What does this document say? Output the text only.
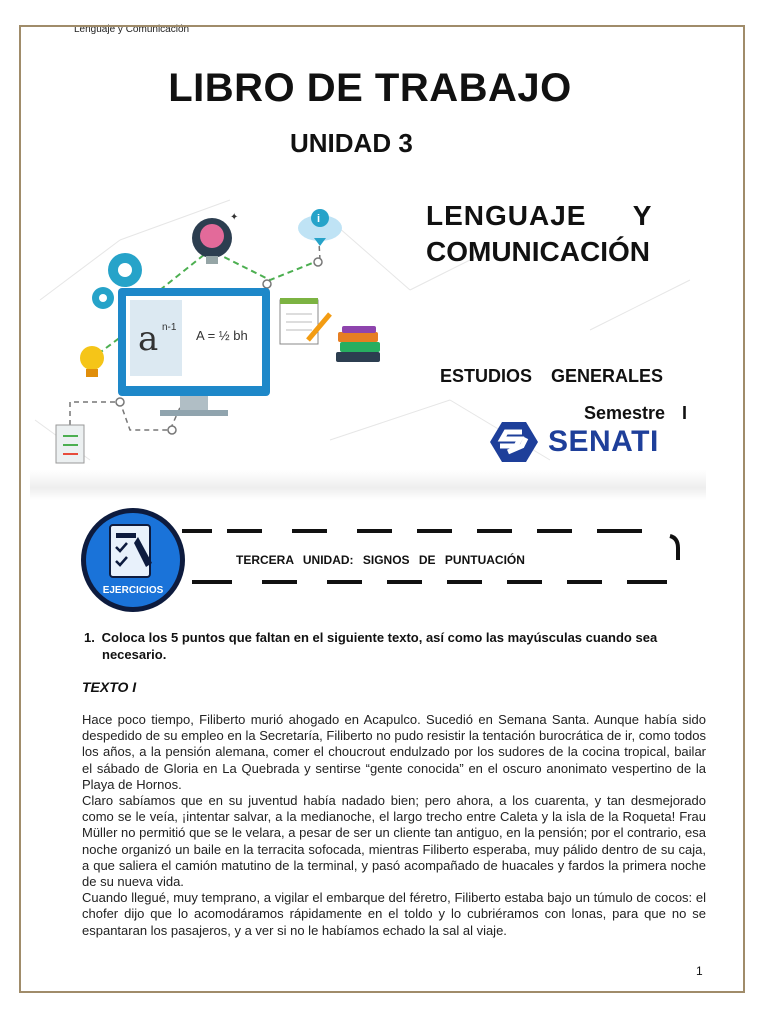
Lenguaje y Comunicación
LIBRO DE TRABAJO
UNIDAD 3
✦	i
a n-1
A = ½ bh
LENGUAJE Y
COMUNICACIÓN
ESTUDIOS GENERALES
Semestre I
SENATI
TERCERA UNIDAD: SIGNOS DE PUNTUACIÓN
EJERCICIOS
1. Coloca los 5 puntos que faltan en el siguiente texto, así como las mayúsculas cuando sea
necesario.
TEXTO I

Hace poco tiempo, Filiberto murió ahogado en Acapulco. Sucedió en Semana Santa. Aunque había sido despedido de su empleo en la Secretaría, Filiberto no pudo resistir la tentación burocrática de ir, como todos los años, a la pensión alemana, comer el choucrout endulzado por los sudores de la cocina tropical, bailar el sábado de Gloria en La Quebrada y sentirse “gente conocida” en el oscuro anonimato vespertino de la Playa de Hornos.

Claro sabíamos que en su juventud había nadado bien; pero ahora, a los cuarenta, y tan desmejorado como se le veía, ¡intentar salvar, a la medianoche, el largo trecho entre Caleta y la isla de la Roqueta! Frau Müller no permitió que se le velara, a pesar de ser un cliente tan antiguo, en la pensión; por el contrario, esa noche organizó un baile en la terracita sofocada, mientras Filiberto esperaba, muy pálido dentro de su caja, a que saliera el camión matutino de la terminal, y pasó acompañado de huacales y fardos la primera noche de su nueva vida.

Cuando llegué, muy temprano, a vigilar el embarque del féretro, Filiberto estaba bajo un túmulo de cocos: el chofer dijo que lo acomodáramos rápidamente en el toldo y lo cubriéramos con lonas, para que no se espantaran los pasajeros, y a ver si no le habíamos echado la sal al viaje.

1
